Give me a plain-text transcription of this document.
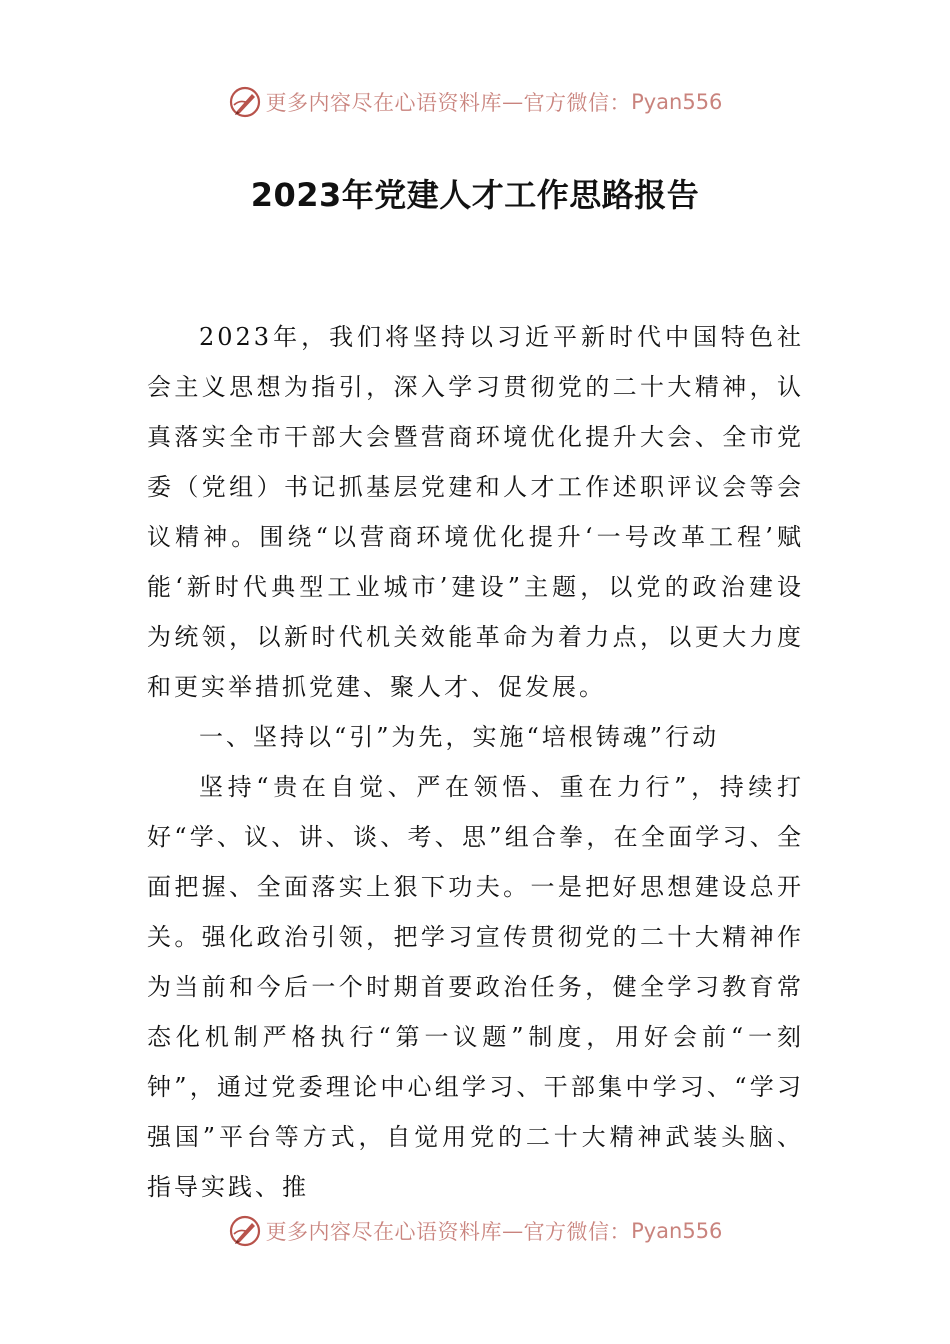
更多内容尽在心语资料库 — 官方微信： Pyan556
2023年党建人才工作思路报告

2023年，我们将坚持以习近平新时代中国特色社会主义思想为指引，深入学习贯彻党的二十大精神，认真落实全市干部大会暨营商环境优化提升大会、全市党委（党组）书记抓基层党建和人才工作述职评议会等会议精神。围绕“以营商环境优化提升‘一号改革工程’赋能‘新时代典型工业城市’建设”主题，以党的政治建设为统领，以新时代机关效能革命为着力点，以更大力度和更实举措抓党建、聚人才、促发展。

一、坚持以“引”为先，实施“培根铸魂”行动

坚持“贵在自觉、严在领悟、重在力行”，持续打好“学、议、讲、谈、考、思”组合拳，在全面学习、全面把握、全面落实上狠下功夫。一是把好思想建设总开关。强化政治引领，把学习宣传贯彻党的二十大精神作为当前和今后一个时期首要政治任务，健全学习教育常态化机制严格执行“第一议题”制度，用好会前“一刻钟”，通过党委理论中心组学习、干部集中学习、“学习强国”平台等方式，自觉用党的二十大精神武装头脑、指导实践、推

更多内容尽在心语资料库 — 官方微信： Pyan556
